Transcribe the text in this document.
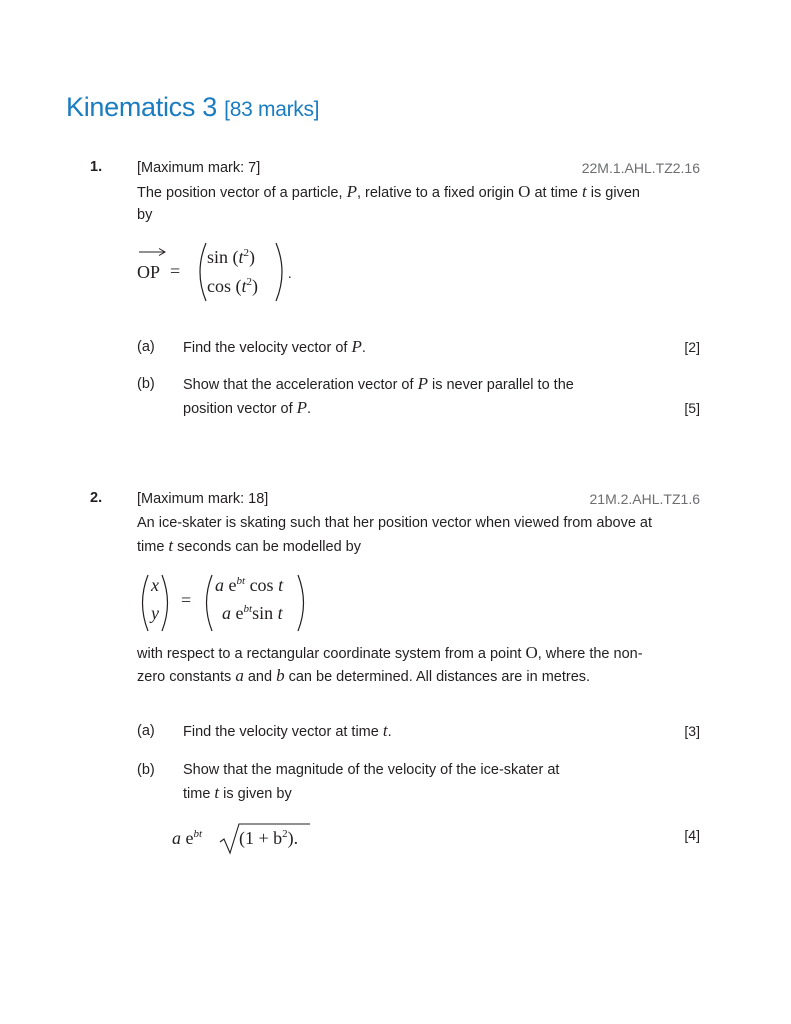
Kinematics 3 [83 marks]
1. [Maximum mark: 7]	22M.1.AHL.TZ2.16
The position vector of a particle, P, relative to a fixed origin O at time t is given
by
OP =
$\sin (t^2)$
$\cos (t^2)$
.
(a) Find the velocity vector of P.	[2]
(b) Show that the acceleration vector of P is never parallel to the
position vector of P.	[5]
2. [Maximum mark: 18]	21M.2.AHL.TZ1.6
An ice-skater is skating such that her position vector when viewed from above at
time t seconds can be modelled by
x
y
=
a $e^{bt}$ cos t
a $e^{bt}\sin$ t
with respect to a rectangular coordinate system from a point O, where the non-
zero constants a and b can be determined. All distances are in metres.
(a) Find the velocity vector at time t.	[3]
(b) Show that the magnitude of the velocity of the ice-skater at
time t is given by
a $e^{bt}$ $(1 + b^2)$.	[4]
